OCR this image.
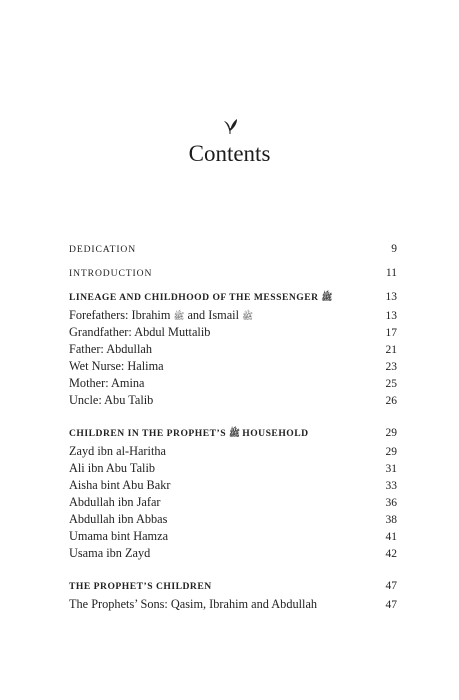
Contents
DEDICATION	9
INTRODUCTION	11
LINEAGE AND CHILDHOOD OF THE MESSENGER ﷺ	13
Forefathers: Ibrahim ﷺ and Ismail ﷺ	13
Grandfather: Abdul Muttalib	17
Father: Abdullah	21
Wet Nurse: Halima	23
Mother: Amina	25
Uncle: Abu Talib	26
CHILDREN IN THE PROPHET’S ﷺ HOUSEHOLD	29
Zayd ibn al-Haritha	29
Ali ibn Abu Talib	31
Aisha bint Abu Bakr	33
Abdullah ibn Jafar	36
Abdullah ibn Abbas	38
Umama bint Hamza	41
Usama ibn Zayd	42
THE PROPHET’S CHILDREN	47
The Prophets’ Sons: Qasim, Ibrahim and Abdullah	47
